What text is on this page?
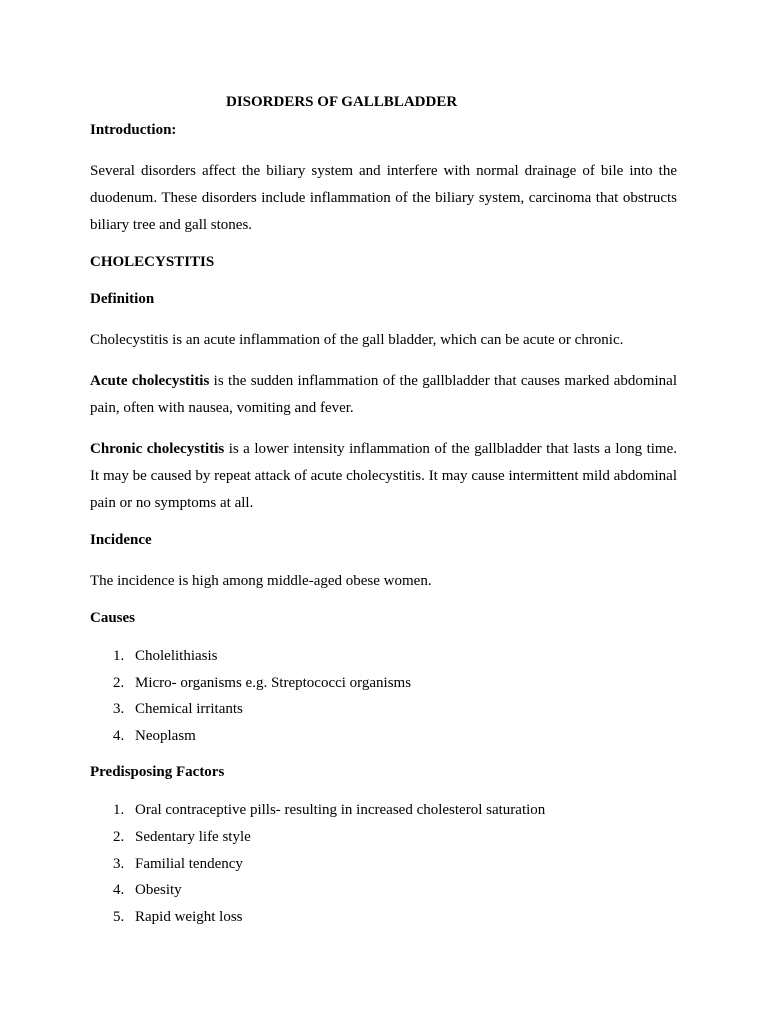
DISORDERS OF GALLBLADDER

Introduction:

Several disorders affect the biliary system and interfere with normal drainage of bile into the duodenum. These disorders include inflammation of the biliary system, carcinoma that obstructs biliary tree and gall stones.

CHOLECYSTITIS

Definition

Cholecystitis is an acute inflammation of the gall bladder, which can be acute or chronic.

Acute cholecystitis is the sudden inflammation of the gallbladder that causes marked abdominal pain, often with nausea, vomiting and fever.

Chronic cholecystitis is a lower intensity inflammation of the gallbladder that lasts a long time. It may be caused by repeat attack of acute cholecystitis. It may cause intermittent mild abdominal pain or no symptoms at all.

Incidence

The incidence is high among middle-aged obese women.

Causes

1. Cholelithiasis
2. Micro- organisms e.g. Streptococci organisms
3. Chemical irritants
4. Neoplasm

Predisposing Factors

1. Oral contraceptive pills- resulting in increased cholesterol saturation
2. Sedentary life style
3. Familial tendency
4. Obesity
5. Rapid weight loss
